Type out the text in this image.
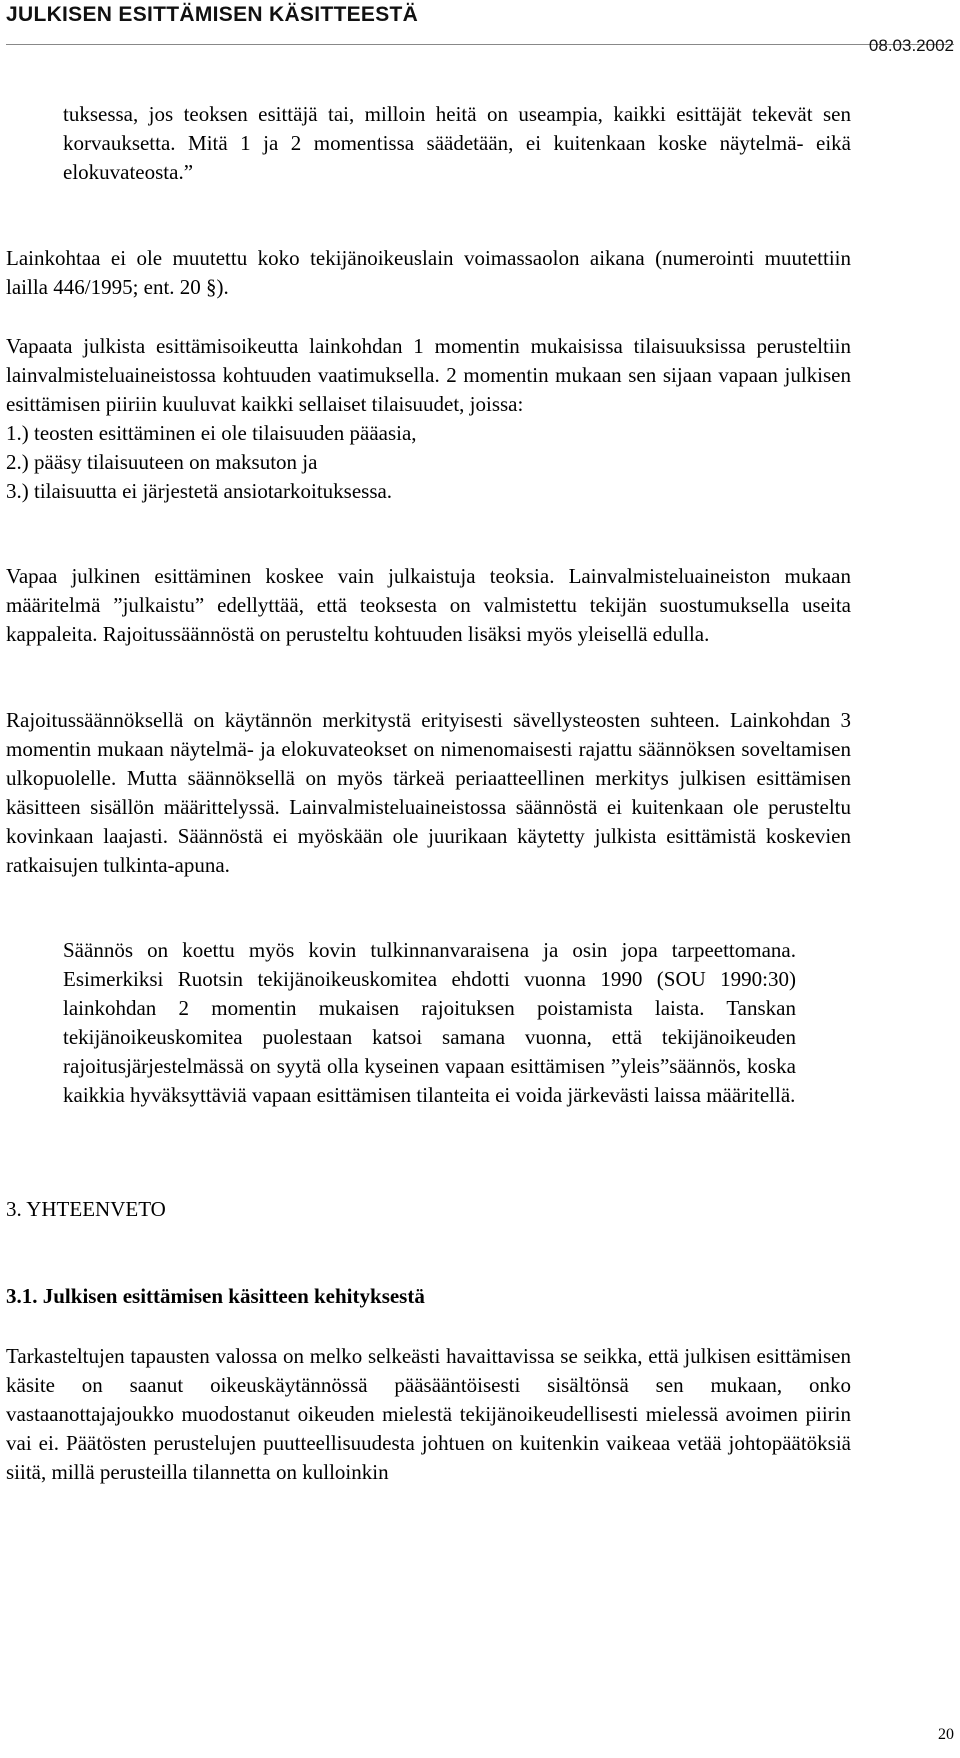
JULKISEN ESITTÄMISEN KÄSITTEESTÄ
08.03.2002

tuksessa, jos teoksen esittäjä tai, milloin heitä on useampia, kaikki esittäjät tekevät sen korvauksetta. Mitä 1 ja 2 momentissa säädetään, ei kuitenkaan koske näytelmä- eikä elokuvateosta.”

Lainkohtaa ei ole muutettu koko tekijänoikeuslain voimassaolon aikana (numerointi muutettiin lailla 446/1995; ent. 20 §).

Vapaata julkista esittämisoikeutta lainkohdan 1 momentin mukaisissa tilaisuuksissa perusteltiin lainvalmisteluaineistossa kohtuuden vaatimuksella. 2 momentin mukaan sen sijaan vapaan julkisen esittämisen piiriin kuuluvat kaikki sellaiset tilaisuudet, joissa:

1.) teosten esittäminen ei ole tilaisuuden pääasia,
2.) pääsy tilaisuuteen on maksuton ja
3.) tilaisuutta ei järjestetä ansiotarkoituksessa.

Vapaa julkinen esittäminen koskee vain julkaistuja teoksia. Lainvalmisteluaineiston mukaan määritelmä ”julkaistu” edellyttää, että teoksesta on valmistettu tekijän suostumuksella useita kappaleita. Rajoitussäännöstä on perusteltu kohtuuden lisäksi myös yleisellä edulla.

Rajoitussäännöksellä on käytännön merkitystä erityisesti sävellysteosten suhteen. Lainkohdan 3 momentin mukaan näytelmä- ja elokuvateokset on nimenomaisesti rajattu säännöksen soveltamisen ulkopuolelle. Mutta säännöksellä on myös tärkeä periaatteellinen merkitys julkisen esittämisen käsitteen sisällön määrittelyssä. Lainvalmisteluaineistossa säännöstä ei kuitenkaan ole perusteltu kovinkaan laajasti. Säännöstä ei myöskään ole juurikaan käytetty julkista esittämistä koskevien ratkaisujen tulkinta-apuna.

Säännös on koettu myös kovin tulkinnanvaraisena ja osin jopa tarpeettomana. Esimerkiksi Ruotsin tekijänoikeuskomitea ehdotti vuonna 1990 (SOU 1990:30) lainkohdan 2 momentin mukaisen rajoituksen poistamista laista. Tanskan tekijänoikeuskomitea puolestaan katsoi samana vuonna, että tekijänoikeuden rajoitusjärjestelmässä on syytä olla kyseinen vapaan esittämisen ”yleis”säännös, koska kaikkia hyväksyttäviä vapaan esittämisen tilanteita ei voida järkevästi laissa määritellä.

3. YHTEENVETO
3.1. Julkisen esittämisen käsitteen kehityksestä

Tarkasteltujen tapausten valossa on melko selkeästi havaittavissa se seikka, että julkisen esittämisen käsite on saanut oikeuskäytännössä pääsääntöisesti sisältönsä sen mukaan, onko vastaanottajajoukko muodostanut oikeuden mielestä tekijänoikeudellisesti mielessä avoimen piirin vai ei. Päätösten perustelujen puutteellisuudesta johtuen on kuitenkin vaikeaa vetää johtopäätöksiä siitä, millä perusteilla tilannetta on kulloinkin

20
